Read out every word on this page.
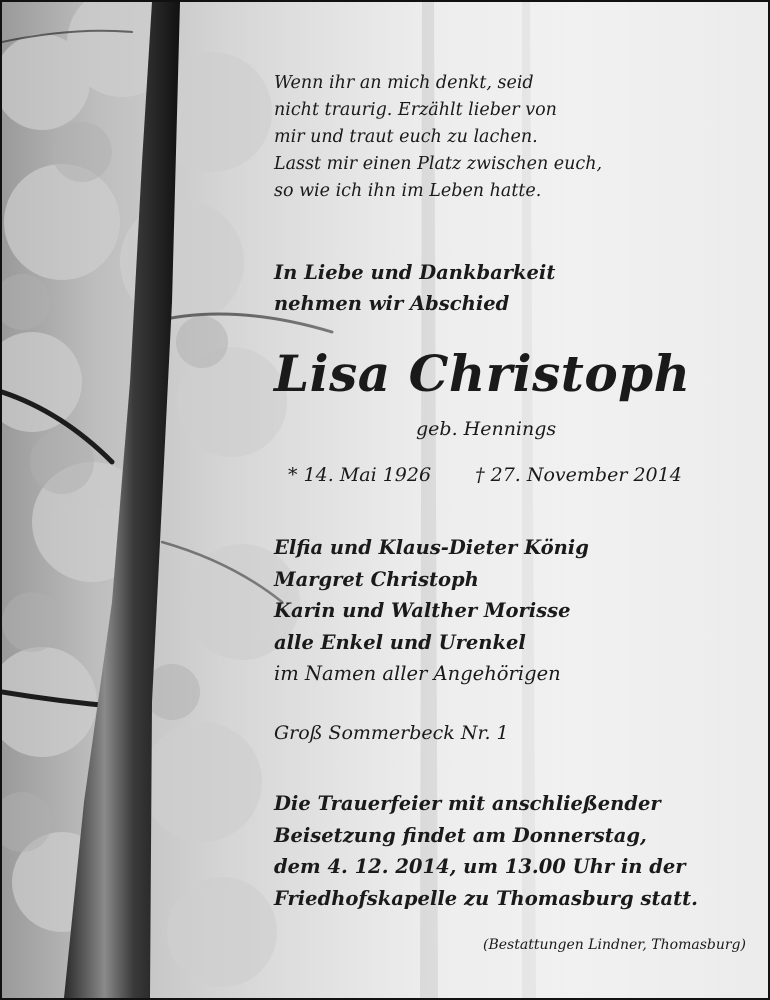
Wenn ihr an mich denkt, seid
nicht traurig. Erzählt lieber von
mir und traut euch zu lachen.
Lasst mir einen Platz zwischen euch,
so wie ich ihn im Leben hatte.
In Liebe und Dankbarkeit
nehmen wir Abschied
Lisa Christoph
geb. Hennings
* 14. Mai 1926 † 27. November 2014
Elfia und Klaus-Dieter König
Margret Christoph
Karin und Walther Morisse
alle Enkel und Urenkel
im Namen aller Angehörigen
Groß Sommerbeck Nr. 1
Die Trauerfeier mit anschließender
Beisetzung findet am Donnerstag,
dem 4. 12. 2014, um 13.00 Uhr in der
Friedhofskapelle zu Thomasburg statt.
(Bestattungen Lindner, Thomasburg)
